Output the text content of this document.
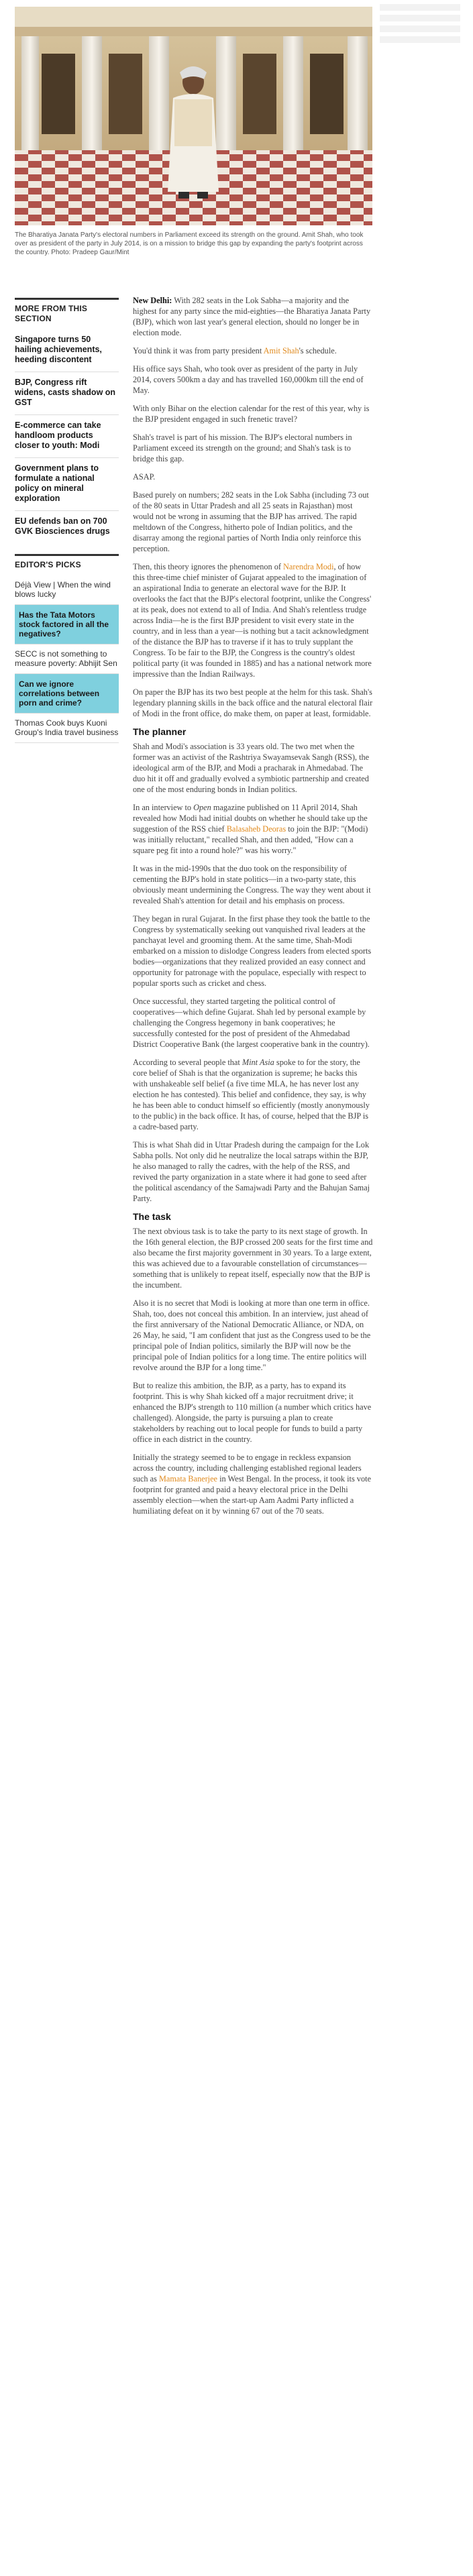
The Bharatiya Janata Party's electoral numbers in Parliament exceed its strength on the ground. Amit Shah, who took over as president of the party in July 2014, is on a mission to bridge this gap by expanding the party's footprint across the country. Photo: Pradeep Gaur/Mint
MORE FROM THIS SECTION
Singapore turns 50 hailing achievements, heeding discontent
BJP, Congress rift widens, casts shadow on GST
E-commerce can take handloom products closer to youth: Modi
Government plans to formulate a national policy on mineral exploration
EU defends ban on 700 GVK Biosciences drugs
EDITOR'S PICKS
Déjà View | When the wind blows lucky
Has the Tata Motors stock factored in all the negatives?
SECC is not something to measure poverty: Abhijit Sen
Can we ignore correlations between porn and crime?
Thomas Cook buys Kuoni Group's India travel business

New Delhi: With 282 seats in the Lok Sabha—a majority and the highest for any party since the mid-eighties—the Bharatiya Janata Party (BJP), which won last year's general election, should no longer be in election mode.

You'd think it was from party president Amit Shah's schedule.

His office says Shah, who took over as president of the party in July 2014, covers 500km a day and has travelled 160,000km till the end of May.

With only Bihar on the election calendar for the rest of this year, why is the BJP president engaged in such frenetic travel?

Shah's travel is part of his mission. The BJP's electoral numbers in Parliament exceed its strength on the ground; and Shah's task is to bridge this gap.

ASAP.

Based purely on numbers; 282 seats in the Lok Sabha (including 73 out of the 80 seats in Uttar Pradesh and all 25 seats in Rajasthan) most would not be wrong in assuming that the BJP has arrived. The rapid meltdown of the Congress, hitherto pole of Indian politics, and the disarray among the regional parties of North India only reinforce this perception.

Then, this theory ignores the phenomenon of Narendra Modi, of how this three-time chief minister of Gujarat appealed to the imagination of an aspirational India to generate an electoral wave for the BJP. It overlooks the fact that the BJP's electoral footprint, unlike the Congress' at its peak, does not extend to all of India. And Shah's relentless trudge across India—he is the first BJP president to visit every state in the country, and in less than a year—is nothing but a tacit acknowledgment of the distance the BJP has to traverse if it has to truly supplant the Congress. To be fair to the BJP, the Congress is the country's oldest political party (it was founded in 1885) and has a national network more impressive than the Indian Railways.

On paper the BJP has its two best people at the helm for this task. Shah's legendary planning skills in the back office and the natural electoral flair of Modi in the front office, do make them, on paper at least, formidable.

The planner

Shah and Modi's association is 33 years old. The two met when the former was an activist of the Rashtriya Swayamsevak Sangh (RSS), the ideological arm of the BJP, and Modi a pracharak in Ahmedabad. The duo hit it off and gradually evolved a symbiotic partnership and created one of the most enduring bonds in Indian politics.

In an interview to Open magazine published on 11 April 2014, Shah revealed how Modi had initial doubts on whether he should take up the suggestion of the RSS chief Balasaheb Deoras to join the BJP: "(Modi) was initially reluctant," recalled Shah, and then added, "How can a square peg fit into a round hole?" was his worry."

It was in the mid-1990s that the duo took on the responsibility of cementing the BJP's hold in state politics—in a two-party state, this obviously meant undermining the Congress. The way they went about it revealed Shah's attention for detail and his emphasis on process.

They began in rural Gujarat. In the first phase they took the battle to the Congress by systematically seeking out vanquished rival leaders at the panchayat level and grooming them. At the same time, Shah-Modi embarked on a mission to dislodge Congress leaders from elected sports bodies—organizations that they realized provided an easy connect and opportunity for patronage with the populace, especially with respect to popular sports such as cricket and chess.

Once successful, they started targeting the political control of cooperatives—which define Gujarat. Shah led by personal example by challenging the Congress hegemony in bank cooperatives; he successfully contested for the post of president of the Ahmedabad District Cooperative Bank (the largest cooperative bank in the country).

According to several people that Mint Asia spoke to for the story, the core belief of Shah is that the organization is supreme; he backs this with unshakeable self belief (a five time MLA, he has never lost any election he has contested). This belief and confidence, they say, is why he has been able to conduct himself so efficiently (mostly anonymously to the public) in the back office. It has, of course, helped that the BJP is a cadre-based party.

This is what Shah did in Uttar Pradesh during the campaign for the Lok Sabha polls. Not only did he neutralize the local satraps within the BJP, he also managed to rally the cadres, with the help of the RSS, and revived the party organization in a state where it had gone to seed after the political ascendancy of the Samajwadi Party and the Bahujan Samaj Party.

The task

The next obvious task is to take the party to its next stage of growth. In the 16th general election, the BJP crossed 200 seats for the first time and also became the first majority government in 30 years. To a large extent, this was achieved due to a favourable constellation of circumstances—something that is unlikely to repeat itself, especially now that the BJP is the incumbent.

Also it is no secret that Modi is looking at more than one term in office. Shah, too, does not conceal this ambition. In an interview, just ahead of the first anniversary of the National Democratic Alliance, or NDA, on 26 May, he said, "I am confident that just as the Congress used to be the principal pole of Indian politics, similarly the BJP will now be the principal pole of Indian politics for a long time. The entire politics will revolve around the BJP for a long time."

But to realize this ambition, the BJP, as a party, has to expand its footprint. This is why Shah kicked off a major recruitment drive; it enhanced the BJP's strength to 110 million (a number which critics have challenged). Alongside, the party is pursuing a plan to create stakeholders by reaching out to local people for funds to build a party office in each district in the country.

Initially the strategy seemed to be to engage in reckless expansion across the country, including challenging established regional leaders such as Mamata Banerjee in West Bengal. In the process, it took its vote footprint for granted and paid a heavy electoral price in the Delhi assembly election—when the start-up Aam Aadmi Party inflicted a humiliating defeat on it by winning 67 out of the 70 seats.
